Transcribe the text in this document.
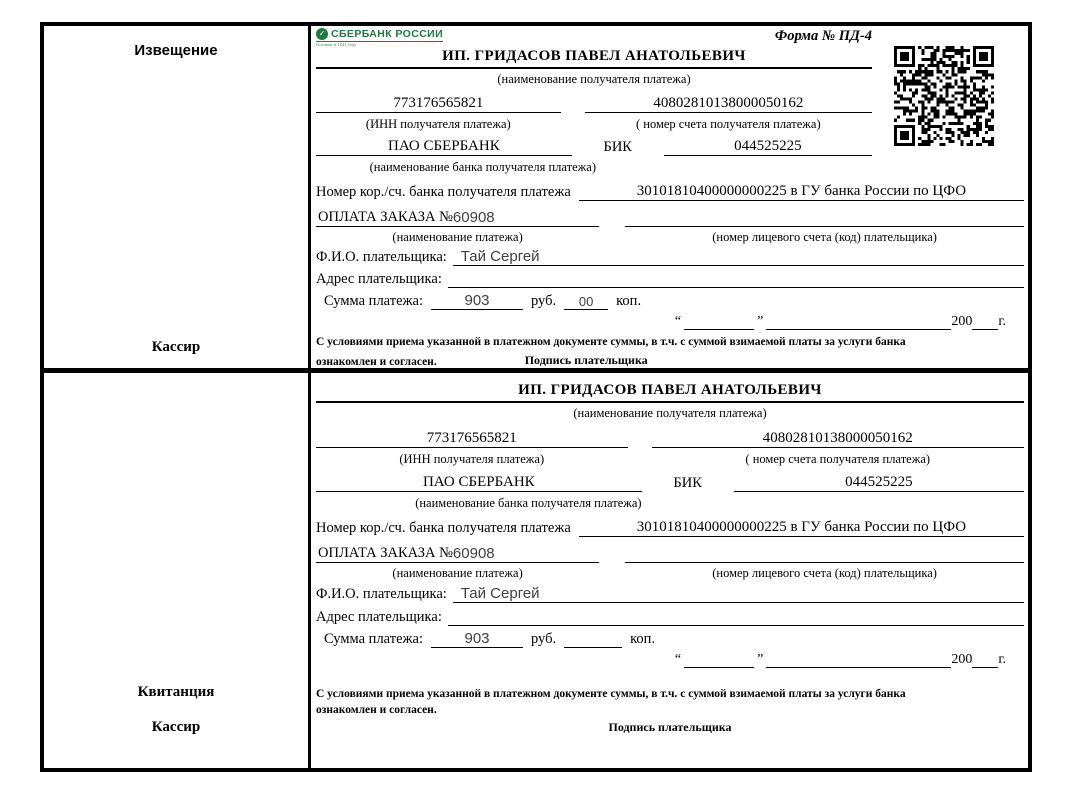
Извещение
Кассир
✓ СБЕРБАНК РОССИИ
Основан в 1841 году
Форма № ПД-4
ИП. ГРИДАСОВ ПАВЕЛ АНАТОЛЬЕВИЧ
(наименование получателя платежа)
773176565821	40802810138000050162
(ИНН получателя платежа)	( номер счета получателя платежа)
ПАО СБЕРБАНК	БИК	044525225
(наименование банка получателя платежа)
Номер кор./сч. банка получателя платежа	30101810400000000225 в ГУ банка России по ЦФО
ОПЛАТА ЗАКАЗА № 60908
(наименование платежа)	(номер лицевого счета (код) плательщика)
Ф.И.О. плательщика: Тай Сергей
Адрес плательщика:
Сумма платежа:	903	руб. 00 коп.
“	”	200 г.
С условиями приема указанной в платежном документе суммы, в т.ч. с суммой взимаемой платы за услуги банка
ознакомлен и согласен.	Подпись плательщика
Квитанция
Кассир
ИП. ГРИДАСОВ ПАВЕЛ АНАТОЛЬЕВИЧ
(наименование получателя платежа)
773176565821	40802810138000050162
(ИНН получателя платежа)	( номер счета получателя платежа)
ПАО СБЕРБАНК	БИК	044525225
(наименование банка получателя платежа)
Номер кор./сч. банка получателя платежа	30101810400000000225 в ГУ банка России по ЦФО
ОПЛАТА ЗАКАЗА № 60908
(наименование платежа)	(номер лицевого счета (код) плательщика)
Ф.И.О. плательщика: Тай Сергей
Адрес плательщика:
Сумма платежа:	903	руб.	коп.
“	”	200 г.
С условиями приема указанной в платежном документе суммы, в т.ч. с суммой взимаемой платы за услуги банка
ознакомлен и согласен.
Подпись плательщика
